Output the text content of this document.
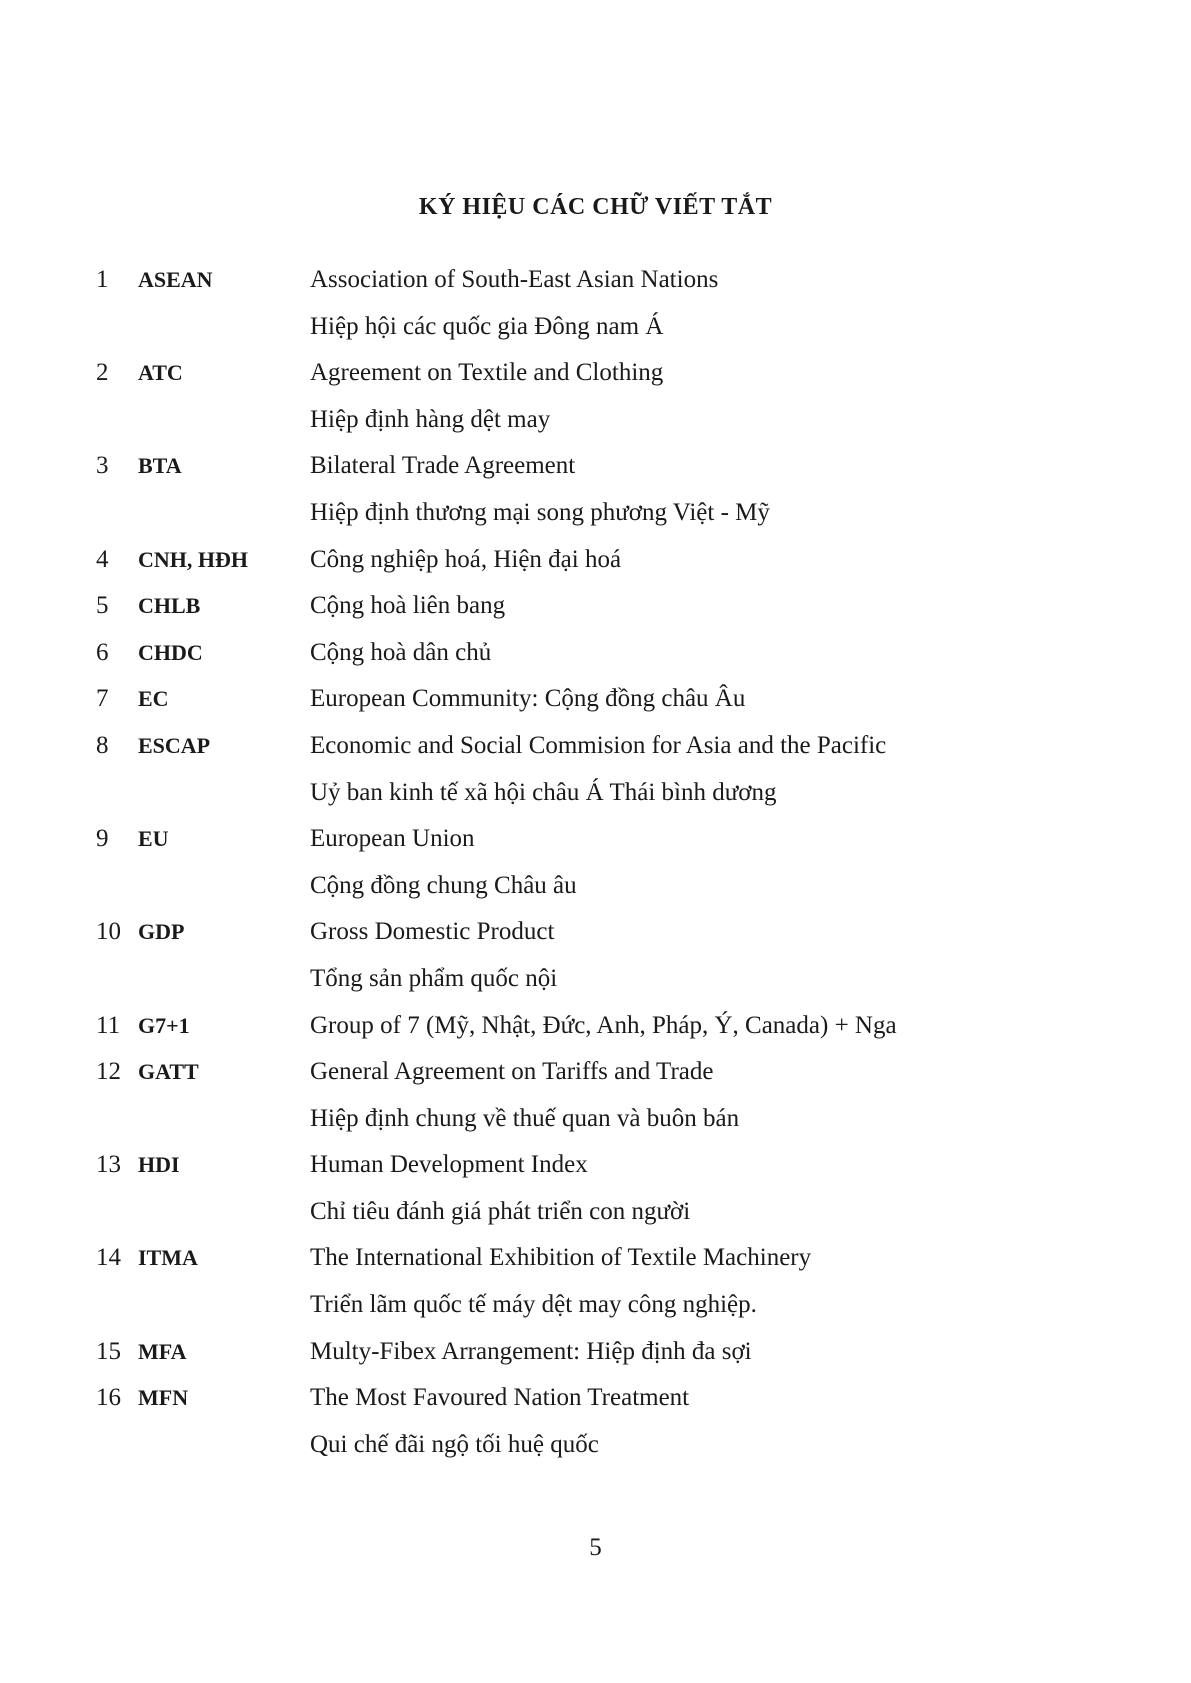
KÝ HIỆU CÁC CHỮ VIẾT TẮT
1	ASEAN	Association of South-East Asian Nations
Hiệp hội các quốc gia Đông nam Á
2	ATC	Agreement on Textile and Clothing
Hiệp định hàng dệt may
3	BTA	Bilateral Trade Agreement
Hiệp định thương mại song phương Việt - Mỹ
4	CNH, HĐH	Công nghiệp hoá, Hiện đại hoá
5	CHLB	Cộng hoà liên bang
6	CHDC	Cộng hoà dân chủ
7	EC	European Community: Cộng đồng châu Âu
8	ESCAP	Economic and Social Commision for Asia and the Pacific
Uỷ ban kinh tế xã hội châu Á Thái bình dương
9	EU	European Union
Cộng đồng chung Châu âu
10 GDP	Gross Domestic Product
Tổng sản phẩm quốc nội
11 G7+1	Group of 7 (Mỹ, Nhật, Đức, Anh, Pháp, Ý, Canada) + Nga
12 GATT	General Agreement on Tariffs and Trade
Hiệp định chung về thuế quan và buôn bán
13 HDI	Human Development Index
Chỉ tiêu đánh giá phát triển con người
14 ITMA	The International Exhibition of Textile Machinery
Triển lãm quốc tế máy dệt may công nghiệp.
15 MFA	Multy-Fibex Arrangement: Hiệp định đa sợi
16 MFN	The Most Favoured Nation Treatment
Qui chế đãi ngộ tối huệ quốc
5
